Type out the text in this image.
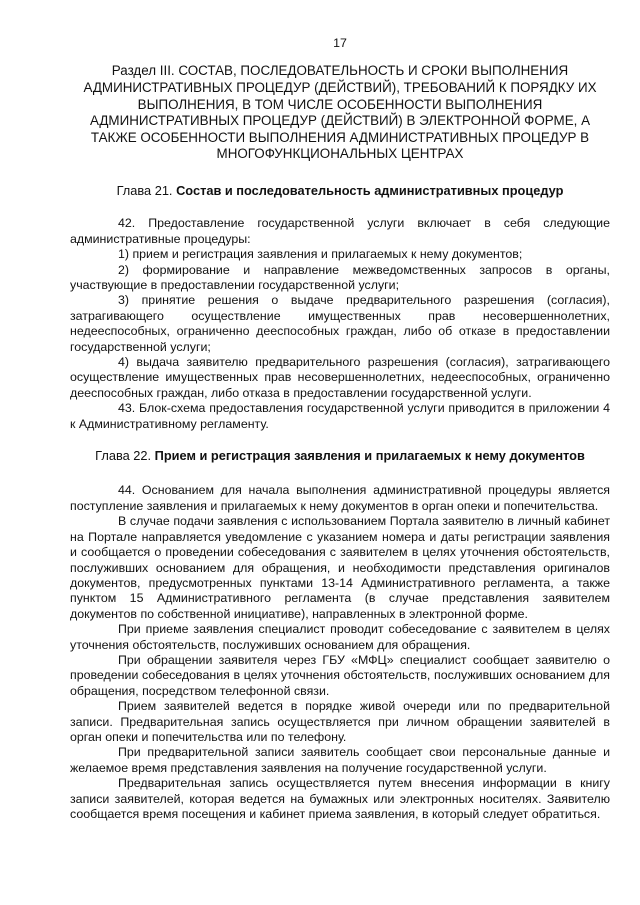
17
Раздел III. СОСТАВ, ПОСЛЕДОВАТЕЛЬНОСТЬ И СРОКИ ВЫПОЛНЕНИЯ АДМИНИСТРАТИВНЫХ ПРОЦЕДУР (ДЕЙСТВИЙ), ТРЕБОВАНИЙ К ПОРЯДКУ ИХ ВЫПОЛНЕНИЯ, В ТОМ ЧИСЛЕ ОСОБЕННОСТИ ВЫПОЛНЕНИЯ АДМИНИСТРАТИВНЫХ ПРОЦЕДУР (ДЕЙСТВИЙ) В ЭЛЕКТРОННОЙ ФОРМЕ, А ТАКЖЕ ОСОБЕННОСТИ ВЫПОЛНЕНИЯ АДМИНИСТРАТИВНЫХ ПРОЦЕДУР В МНОГОФУНКЦИОНАЛЬНЫХ ЦЕНТРАХ
Глава 21. Состав и последовательность административных процедур

42. Предоставление государственной услуги включает в себя следующие административные процедуры:

1) прием и регистрация заявления и прилагаемых к нему документов;

2) формирование и направление межведомственных запросов в органы, участвующие в предоставлении государственной услуги;

3) принятие решения о выдаче предварительного разрешения (согласия), затрагивающего осуществление имущественных прав несовершеннолетних, недееспособных, ограниченно дееспособных граждан, либо об отказе в предоставлении государственной услуги;

4) выдача заявителю предварительного разрешения (согласия), затрагивающего осуществление имущественных прав несовершеннолетних, недееспособных, ограниченно дееспособных граждан, либо отказа в предоставлении государственной услуги.

43. Блок-схема предоставления государственной услуги приводится в приложении 4 к Административному регламенту.

Глава 22. Прием и регистрация заявления и прилагаемых к нему документов

44. Основанием для начала выполнения административной процедуры является поступление заявления и прилагаемых к нему документов в орган опеки и попечительства.

В случае подачи заявления с использованием Портала заявителю в личный кабинет на Портале направляется уведомление с указанием номера и даты регистрации заявления и сообщается о проведении собеседования с заявителем в целях уточнения обстоятельств, послуживших основанием для обращения, и необходимости представления оригиналов документов, предусмотренных пунктами 13-14 Административного регламента, а также пунктом 15 Административного регламента (в случае представления заявителем документов по собственной инициативе), направленных в электронной форме.

При приеме заявления специалист проводит собеседование с заявителем в целях уточнения обстоятельств, послуживших основанием для обращения.

При обращении заявителя через ГБУ «МФЦ» специалист сообщает заявителю о проведении собеседования в целях уточнения обстоятельств, послуживших основанием для обращения, посредством телефонной связи.

Прием заявителей ведется в порядке живой очереди или по предварительной записи. Предварительная запись осуществляется при личном обращении заявителей в орган опеки и попечительства или по телефону.

При предварительной записи заявитель сообщает свои персональные данные и желаемое время представления заявления на получение государственной услуги.

Предварительная запись осуществляется путем внесения информации в книгу записи заявителей, которая ведется на бумажных или электронных носителях. Заявителю сообщается время посещения и кабинет приема заявления, в который следует обратиться.
